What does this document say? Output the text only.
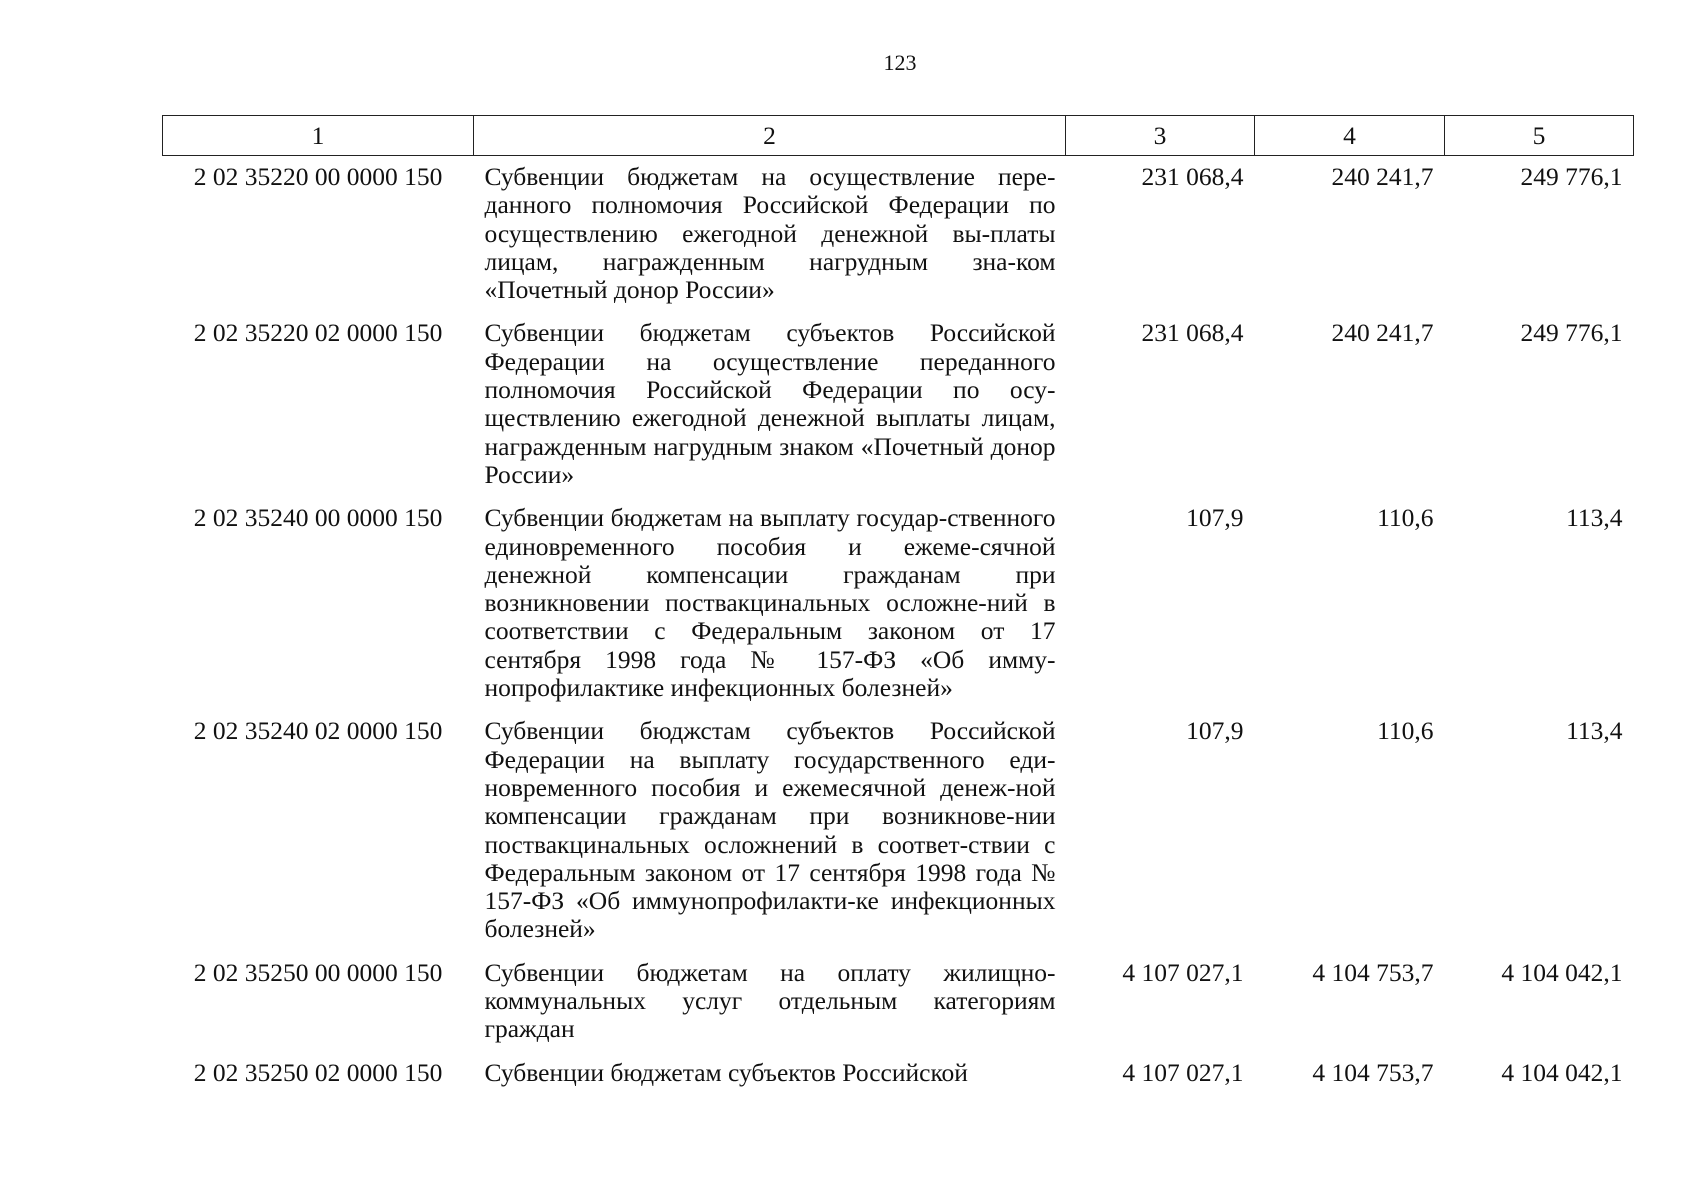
123
1	2	3	4	5
2 02 35220 00 0000 150	Субвенции бюджетам на осуществление пере-данного полномочия Российской Федерации по осуществлению ежегодной денежной вы-платы лицам, награжденным нагрудным зна-ком «Почетный донор России»	231 068,4	240 241,7	249 776,1
2 02 35220 02 0000 150	Субвенции бюджетам субъектов Российской Федерации на осуществление переданного полномочия Российской Федерации по осу-ществлению ежегодной денежной выплаты лицам, награжденным нагрудным знаком «Почетный донор России»	231 068,4	240 241,7	249 776,1
2 02 35240 00 0000 150	Субвенции бюджетам на выплату государ-ственного единовременного пособия и ежеме-сячной денежной компенсации гражданам при возникновении поствакцинальных осложне-ний в соответствии с Федеральным законом от 17 сентября 1998 года № 157-ФЗ «Об имму-нопрофилактике инфекционных болезней»	107,9	110,6	113,4
2 02 35240 02 0000 150	Субвенции бюджстам субъектов Российской Федерации на выплату государственного еди-новременного пособия и ежемесячной денеж-ной компенсации гражданам при возникнове-нии поствакцинальных осложнений в соответ-ствии с Федеральным законом от 17 сентября 1998 года № 157-ФЗ «Об иммунопрофилакти-ке инфекционных болезней»	107,9	110,6	113,4
2 02 35250 00 0000 150	Субвенции бюджетам на оплату жилищно-коммунальных услуг отдельным категориям граждан	4 107 027,1	4 104 753,7	4 104 042,1
2 02 35250 02 0000 150	Субвенции бюджетам субъектов Российской	4 107 027,1	4 104 753,7	4 104 042,1
